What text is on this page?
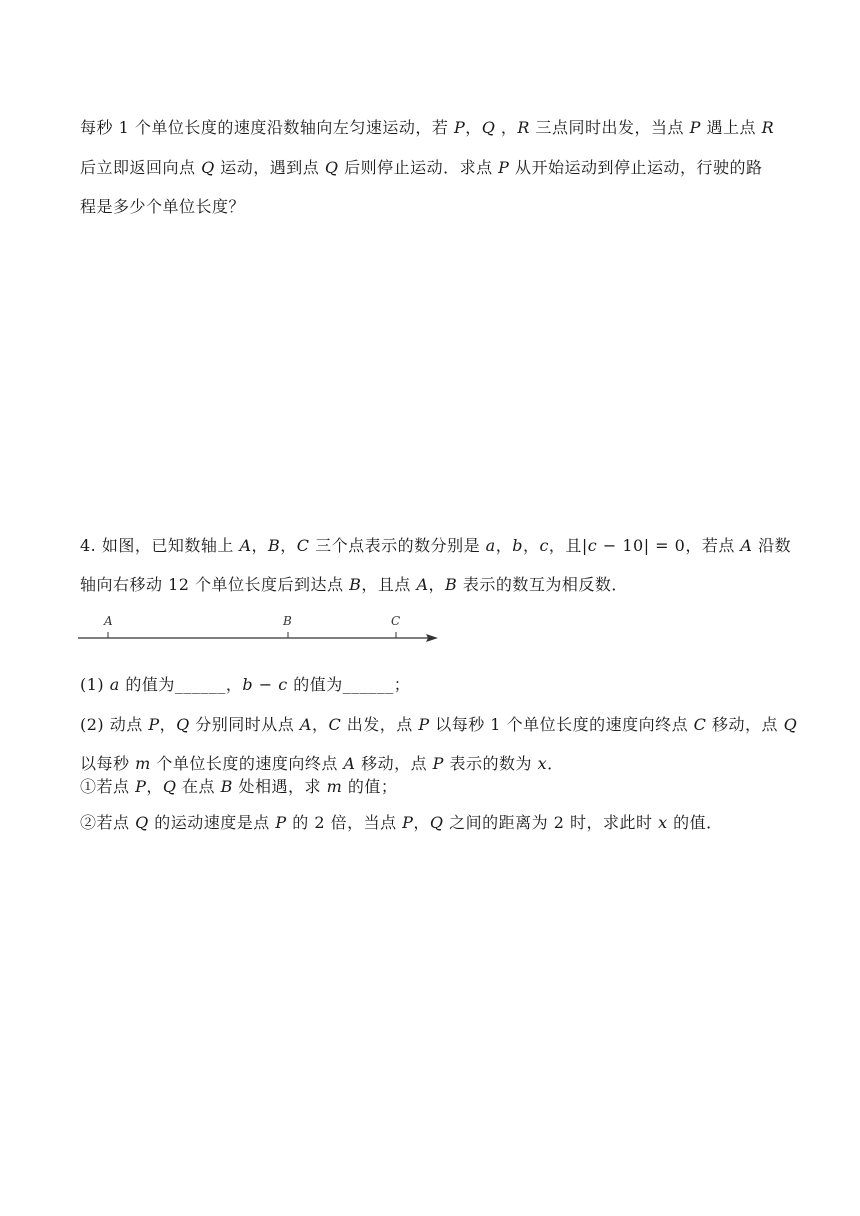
每秒 1 个单位长度的速度沿数轴向左匀速运动，若 𝑃，𝑄 ，𝑅 三点同时出发，当点 𝑃 遇上点 𝑅
后立即返回向点 𝑄 运动，遇到点 𝑄 后则停止运动．求点 𝑃 从开始运动到停止运动，行驶的路
程是多少个单位长度？
4. 如图，已知数轴上 𝐴，𝐵，𝐶 三个点表示的数分别是 𝑎，𝑏，𝑐，且|𝑐 − 10| = 0，若点 𝐴 沿数
轴向右移动 12 个单位长度后到达点 𝐵，且点 𝐴，𝐵 表示的数互为相反数．
A	B	C
(1) 𝑎 的值为______，𝑏 − 𝑐 的值为______；
(2) 动点 𝑃，𝑄 分别同时从点 𝐴，𝐶 出发，点 𝑃 以每秒 1 个单位长度的速度向终点 𝐶 移动，点 𝑄
以每秒 𝑚 个单位长度的速度向终点 𝐴 移动，点 𝑃 表示的数为 𝑥．
①若点 𝑃，𝑄 在点 𝐵 处相遇，求 𝑚 的值；
②若点 𝑄 的运动速度是点 𝑃 的 2 倍，当点 𝑃，𝑄 之间的距离为 2 时，求此时 𝑥 的值．
